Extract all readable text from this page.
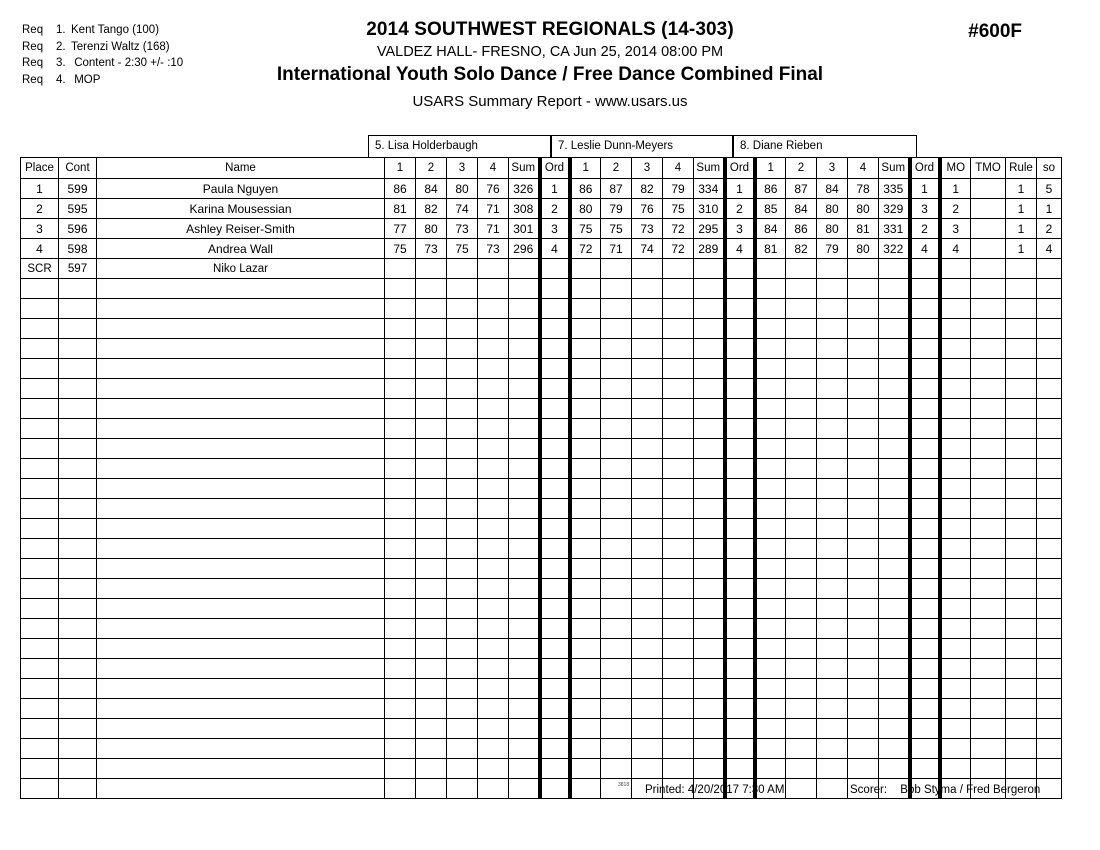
Req 1. Kent Tango (100)
Req 2. Terenzi Waltz (168)
Req 3. Content - 2:30 +/- :10
Req 4. MOP
2014 SOUTHWEST REGIONALS (14-303)
VALDEZ HALL- FRESNO, CA Jun 25, 2014 08:00 PM
International Youth Solo Dance / Free Dance Combined Final
USARS Summary Report - www.usars.us
#600F
5. Lisa Holderbaugh	7. Leslie Dunn-Meyers	8. Diane Rieben
Place	Cont	Name	1	2	3	4	Sum	Ord	1	2	3	4	Sum	Ord	1	2	3	4	Sum	Ord	MO	TMO	Rule	so
1	599	Paula Nguyen	86	84	80	76	326	1	86	87	82	79	334	1	86	87	84	78	335	1	1		1	5
2	595	Karina Mousessian	81	82	74	71	308	2	80	79	76	75	310	2	85	84	80	80	329	3	2		1	1
3	596	Ashley Reiser-Smith	77	80	73	71	301	3	75	75	73	72	295	3	84	86	80	81	331	2	3		1	2
4	598	Andrea Wall	75	73	75	73	296	4	72	71	74	72	289	4	81	82	79	80	322	4	4		1	4
SCR	597	Niko Lazar																						

3818 Printed: 4/20/2017 7:30 AM	Scorer: Bob Styma / Fred Bergeron
